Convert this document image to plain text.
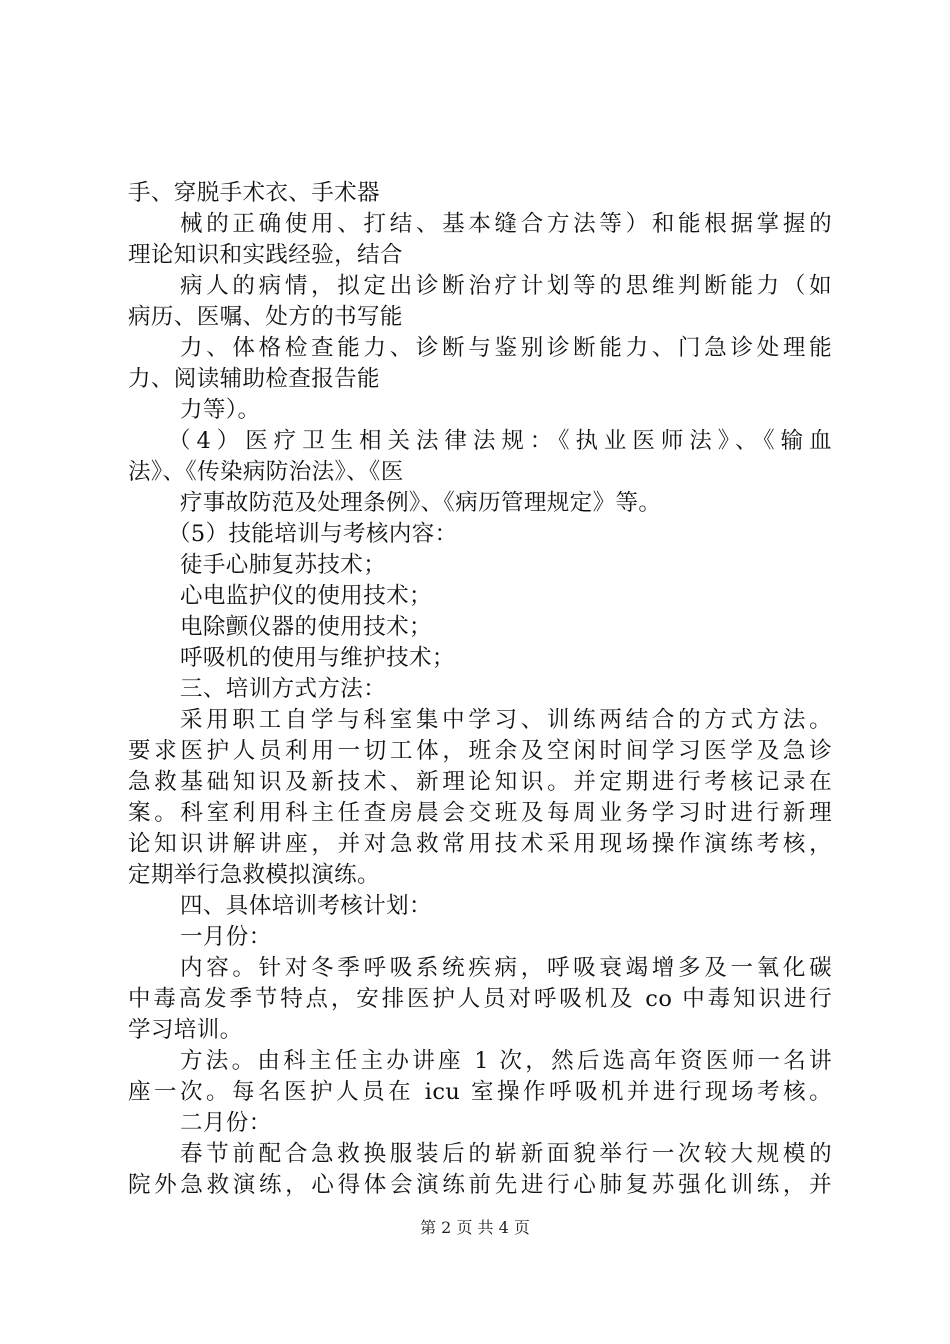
手、穿脱手术衣、手术器
械的正确使用、打结、基本缝合方法等）和能根据掌握的
理论知识和实践经验，结合
病人的病情，拟定出诊断治疗计划等的思维判断能力（如
病历、医嘱、处方的书写能
力、体格检查能力、诊断与鉴别诊断能力、门急诊处理能
力、阅读辅助检查报告能
力等）。
（4）医疗卫生相关法律法规：《执业医师法》、《输血
法》、《传染病防治法》、《医
疗事故防范及处理条例》、《病历管理规定》等。
（5）技能培训与考核内容：
徒手心肺复苏技术；
心电监护仪的使用技术；
电除颤仪器的使用技术；
呼吸机的使用与维护技术；
三、培训方式方法：
采用职工自学与科室集中学习、训练两结合的方式方法。
要求医护人员利用一切工体，班余及空闲时间学习医学及急诊
急救基础知识及新技术、新理论知识。并定期进行考核记录在
案。科室利用科主任查房晨会交班及每周业务学习时进行新理
论知识讲解讲座，并对急救常用技术采用现场操作演练考核，
定期举行急救模拟演练。
四、具体培训考核计划：
一月份：
内容。针对冬季呼吸系统疾病，呼吸衰竭增多及一氧化碳
中毒高发季节特点，安排医护人员对呼吸机及 co 中毒知识进行
学习培训。
方法。由科主任主办讲座 1 次，然后选高年资医师一名讲
座一次。每名医护人员在 icu 室操作呼吸机并进行现场考核。
二月份：
春节前配合急救换服装后的崭新面貌举行一次较大规模的
院外急救演练，心得体会演练前先进行心肺复苏强化训练，并
第 2 页 共 4 页
